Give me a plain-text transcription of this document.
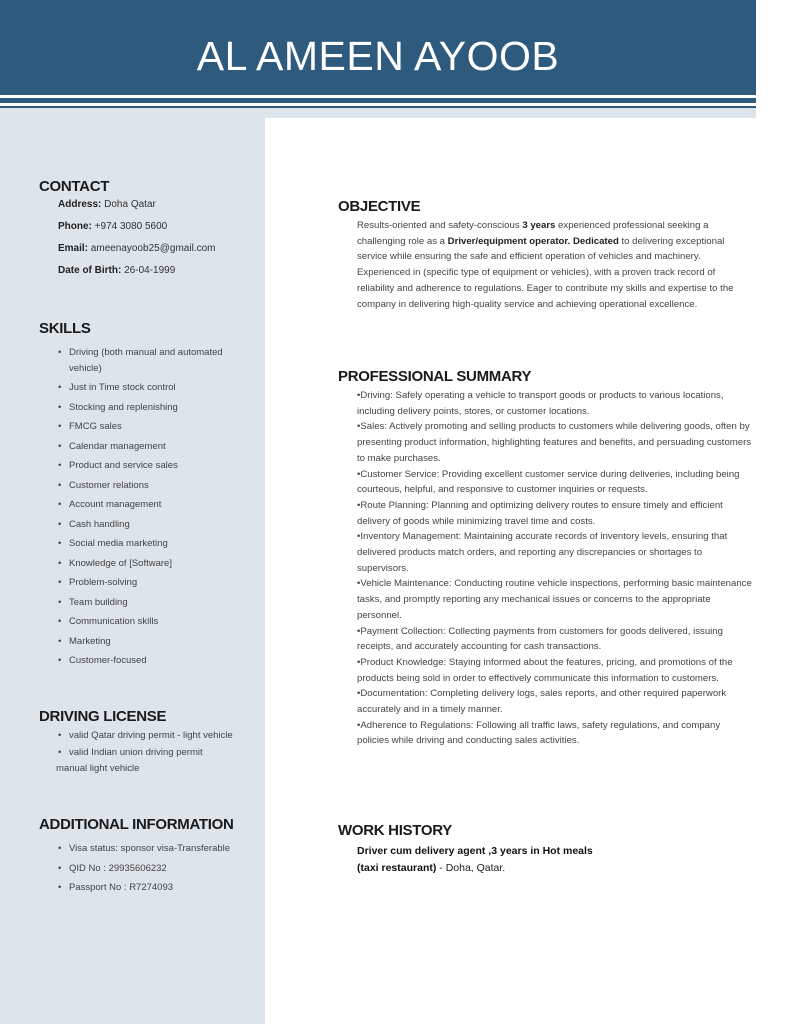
AL AMEEN AYOOB
CONTACT
Address: Doha Qatar
Phone: +974 3080 5600
Email: ameenayoob25@gmail.com
Date of Birth: 26-04-1999
SKILLS
• Driving (both manual and automated vehicle)
• Just in Time stock control
• Stocking and replenishing
• FMCG sales
• Calendar management
• Product and service sales
• Customer relations
• Account management
• Cash handling
• Social media marketing
• Knowledge of [Software]
• Problem-solving
• Team building
• Communication skills
• Marketing
• Customer-focused
DRIVING LICENSE
• valid Qatar driving permit - light vehicle
• valid Indian union driving permit
manual light vehicle
ADDITIONAL INFORMATION
• Visa status: sponsor visa-Transferable
• QID No : 29935606232
• Passport No : R7274093
OBJECTIVE
Results-oriented and safety-conscious 3 years experienced professional seeking a challenging role as a Driver/equipment operator. Dedicated to delivering exceptional service while ensuring the safe and efficient operation of vehicles and machinery. Experienced in (specific type of equipment or vehicles), with a proven track record of reliability and adherence to regulations. Eager to contribute my skills and expertise to the company in delivering high-quality service and achieving operational excellence.
PROFESSIONAL SUMMARY

•Driving: Safely operating a vehicle to transport goods or products to various locations, including delivery points, stores, or customer locations.

•Sales: Actively promoting and selling products to customers while delivering goods, often by presenting product information, highlighting features and benefits, and persuading customers to make purchases.

•Customer Service: Providing excellent customer service during deliveries, including being courteous, helpful, and responsive to customer inquiries or requests.

•Route Planning: Planning and optimizing delivery routes to ensure timely and efficient delivery of goods while minimizing travel time and costs.

•Inventory Management: Maintaining accurate records of inventory levels, ensuring that delivered products match orders, and reporting any discrepancies or shortages to supervisors.

•Vehicle Maintenance: Conducting routine vehicle inspections, performing basic maintenance tasks, and promptly reporting any mechanical issues or concerns to the appropriate personnel.

•Payment Collection: Collecting payments from customers for goods delivered, issuing receipts, and accurately accounting for cash transactions.

•Product Knowledge: Staying informed about the features, pricing, and promotions of the products being sold in order to effectively communicate this information to customers.

•Documentation: Completing delivery logs, sales reports, and other required paperwork accurately and in a timely manner.

•Adherence to Regulations: Following all traffic laws, safety regulations, and company policies while driving and conducting sales activities.

WORK HISTORY
Driver cum delivery agent ,3 years in Hot meals
(taxi restaurant) - Doha, Qatar.
